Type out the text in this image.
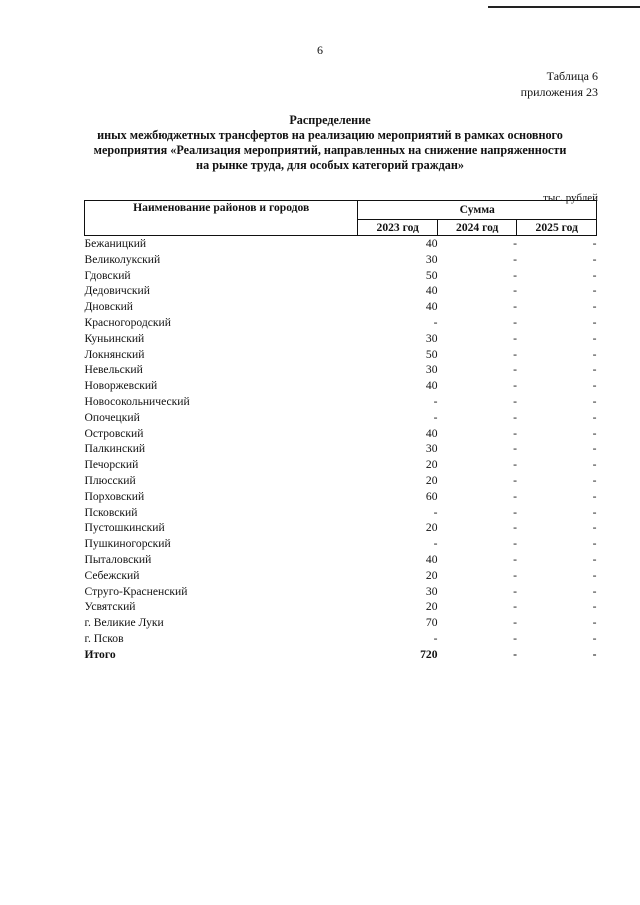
6
Таблица 6
приложения 23
Распределение
иных межбюджетных трансфертов на реализацию мероприятий в рамках основного
мероприятия «Реализация мероприятий, направленных на снижение напряженности
на рынке труда, для особых категорий граждан»
тыс. рублей
Наименование районов и городов	Сумма		
	2023 год	2024 год	2025 год
Бежаницкий	40	-	-
Великолукский	30	-	-
Гдовский	50	-	-
Дедовичский	40	-	-
Дновский	40	-	-
Красногородский	-	-	-
Куньинский	30	-	-
Локнянский	50	-	-
Невельский	30	-	-
Новоржевский	40	-	-
Новосокольнический	-	-	-
Опочецкий	-	-	-
Островский	40	-	-
Палкинский	30	-	-
Печорский	20	-	-
Плюсский	20	-	-
Порховский	60	-	-
Псковский	-	-	-
Пустошкинский	20	-	-
Пушкиногорский	-	-	-
Пыталовский	40	-	-
Себежский	20	-	-
Струго-Красненский	30	-	-
Усвятский	20	-	-
г. Великие Луки	70	-	-
г. Псков	-	-	-
Итого	720	-	-
